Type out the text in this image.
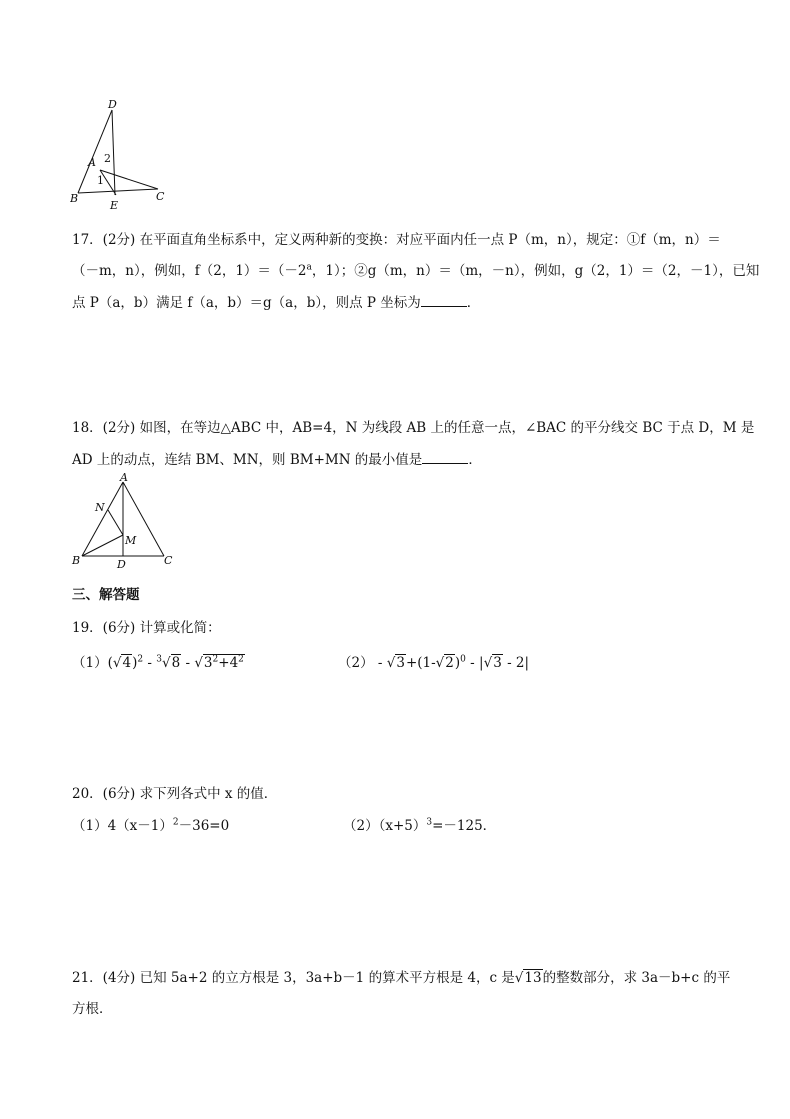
D
A 2
1
B
E
C
17．(2分) 在平面直角坐标系中，定义两种新的变换：对应平面内任一点 P（m，n），规定：①f（m，n）＝
（－m，n），例如，f（2，$1)=(-2^a$，1）；②g（m，n）＝（m，－n），例如，g（2，1）＝（2，－1），已知
点 P（a，b）满足 f（a，b）＝g（a，b），则点 P 坐标为	．
18．(2分) 如图，在等边△ABC 中，AB=4，N 为线段 AB 上的任意一点，∠BAC 的平分线交 BC 于点 D，M 是
AD 上的动点，连结 BM、MN，则 BM+MN 的最小值是	．
A
N
M
B	D	C
三、解答题
19．(6分) 计算或化简：
$(1)(√4)^2 - ^3√8 - √3^2+4^2$	$(2) - √3+(1-√2)^0 - |√3 - 2|$
20．(6分) 求下列各式中 x 的值．
$(1)4(x-1)^2-36=0$	$(2)(x+5)^3=-125$．
21．(4分) 已知 5a+2 的立方根是 3，3a+b－1 的算术平方根是 4，c 是√13的整数部分，求 3a－b+c 的平
方根．
